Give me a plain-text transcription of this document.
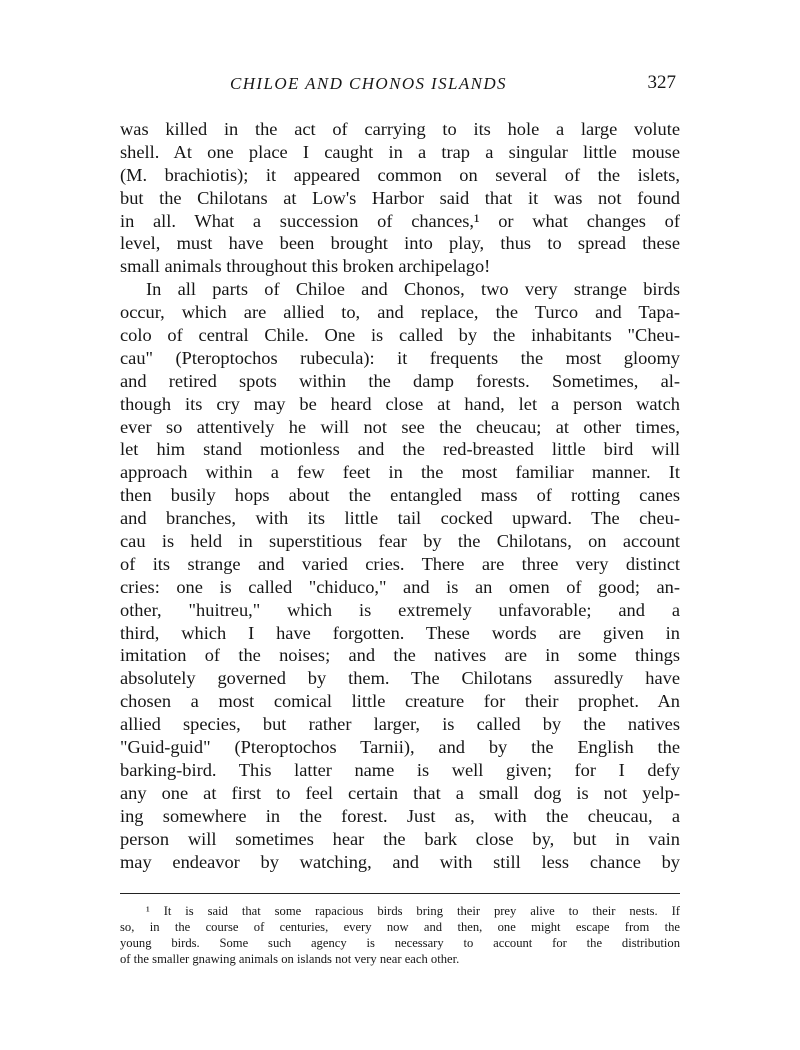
CHILOE AND CHONOS ISLANDS	327
was killed in the act of carrying to its hole a large volute
shell. At one place I caught in a trap a singular little mouse
(M. brachiotis); it appeared common on several of the islets,
but the Chilotans at Low's Harbor said that it was not found
in all. What a succession of chances,¹ or what changes of
level, must have been brought into play, thus to spread these
small animals throughout this broken archipelago!
In all parts of Chiloe and Chonos, two very strange birds
occur, which are allied to, and replace, the Turco and Tapa-
colo of central Chile. One is called by the inhabitants "Cheu-
cau" (Pteroptochos rubecula): it frequents the most gloomy
and retired spots within the damp forests. Sometimes, al-
though its cry may be heard close at hand, let a person watch
ever so attentively he will not see the cheucau; at other times,
let him stand motionless and the red-breasted little bird will
approach within a few feet in the most familiar manner. It
then busily hops about the entangled mass of rotting canes
and branches, with its little tail cocked upward. The cheu-
cau is held in superstitious fear by the Chilotans, on account
of its strange and varied cries. There are three very distinct
cries: one is called "chiduco," and is an omen of good; an-
other, "huitreu," which is extremely unfavorable; and a
third, which I have forgotten. These words are given in
imitation of the noises; and the natives are in some things
absolutely governed by them. The Chilotans assuredly have
chosen a most comical little creature for their prophet. An
allied species, but rather larger, is called by the natives
"Guid-guid" (Pteroptochos Tarnii), and by the English the
barking-bird. This latter name is well given; for I defy
any one at first to feel certain that a small dog is not yelp-
ing somewhere in the forest. Just as, with the cheucau, a
person will sometimes hear the bark close by, but in vain
may endeavor by watching, and with still less chance by
¹ It is said that some rapacious birds bring their prey alive to their nests. If
so, in the course of centuries, every now and then, one might escape from the
young birds. Some such agency is necessary to account for the distribution
of the smaller gnawing animals on islands not very near each other.
